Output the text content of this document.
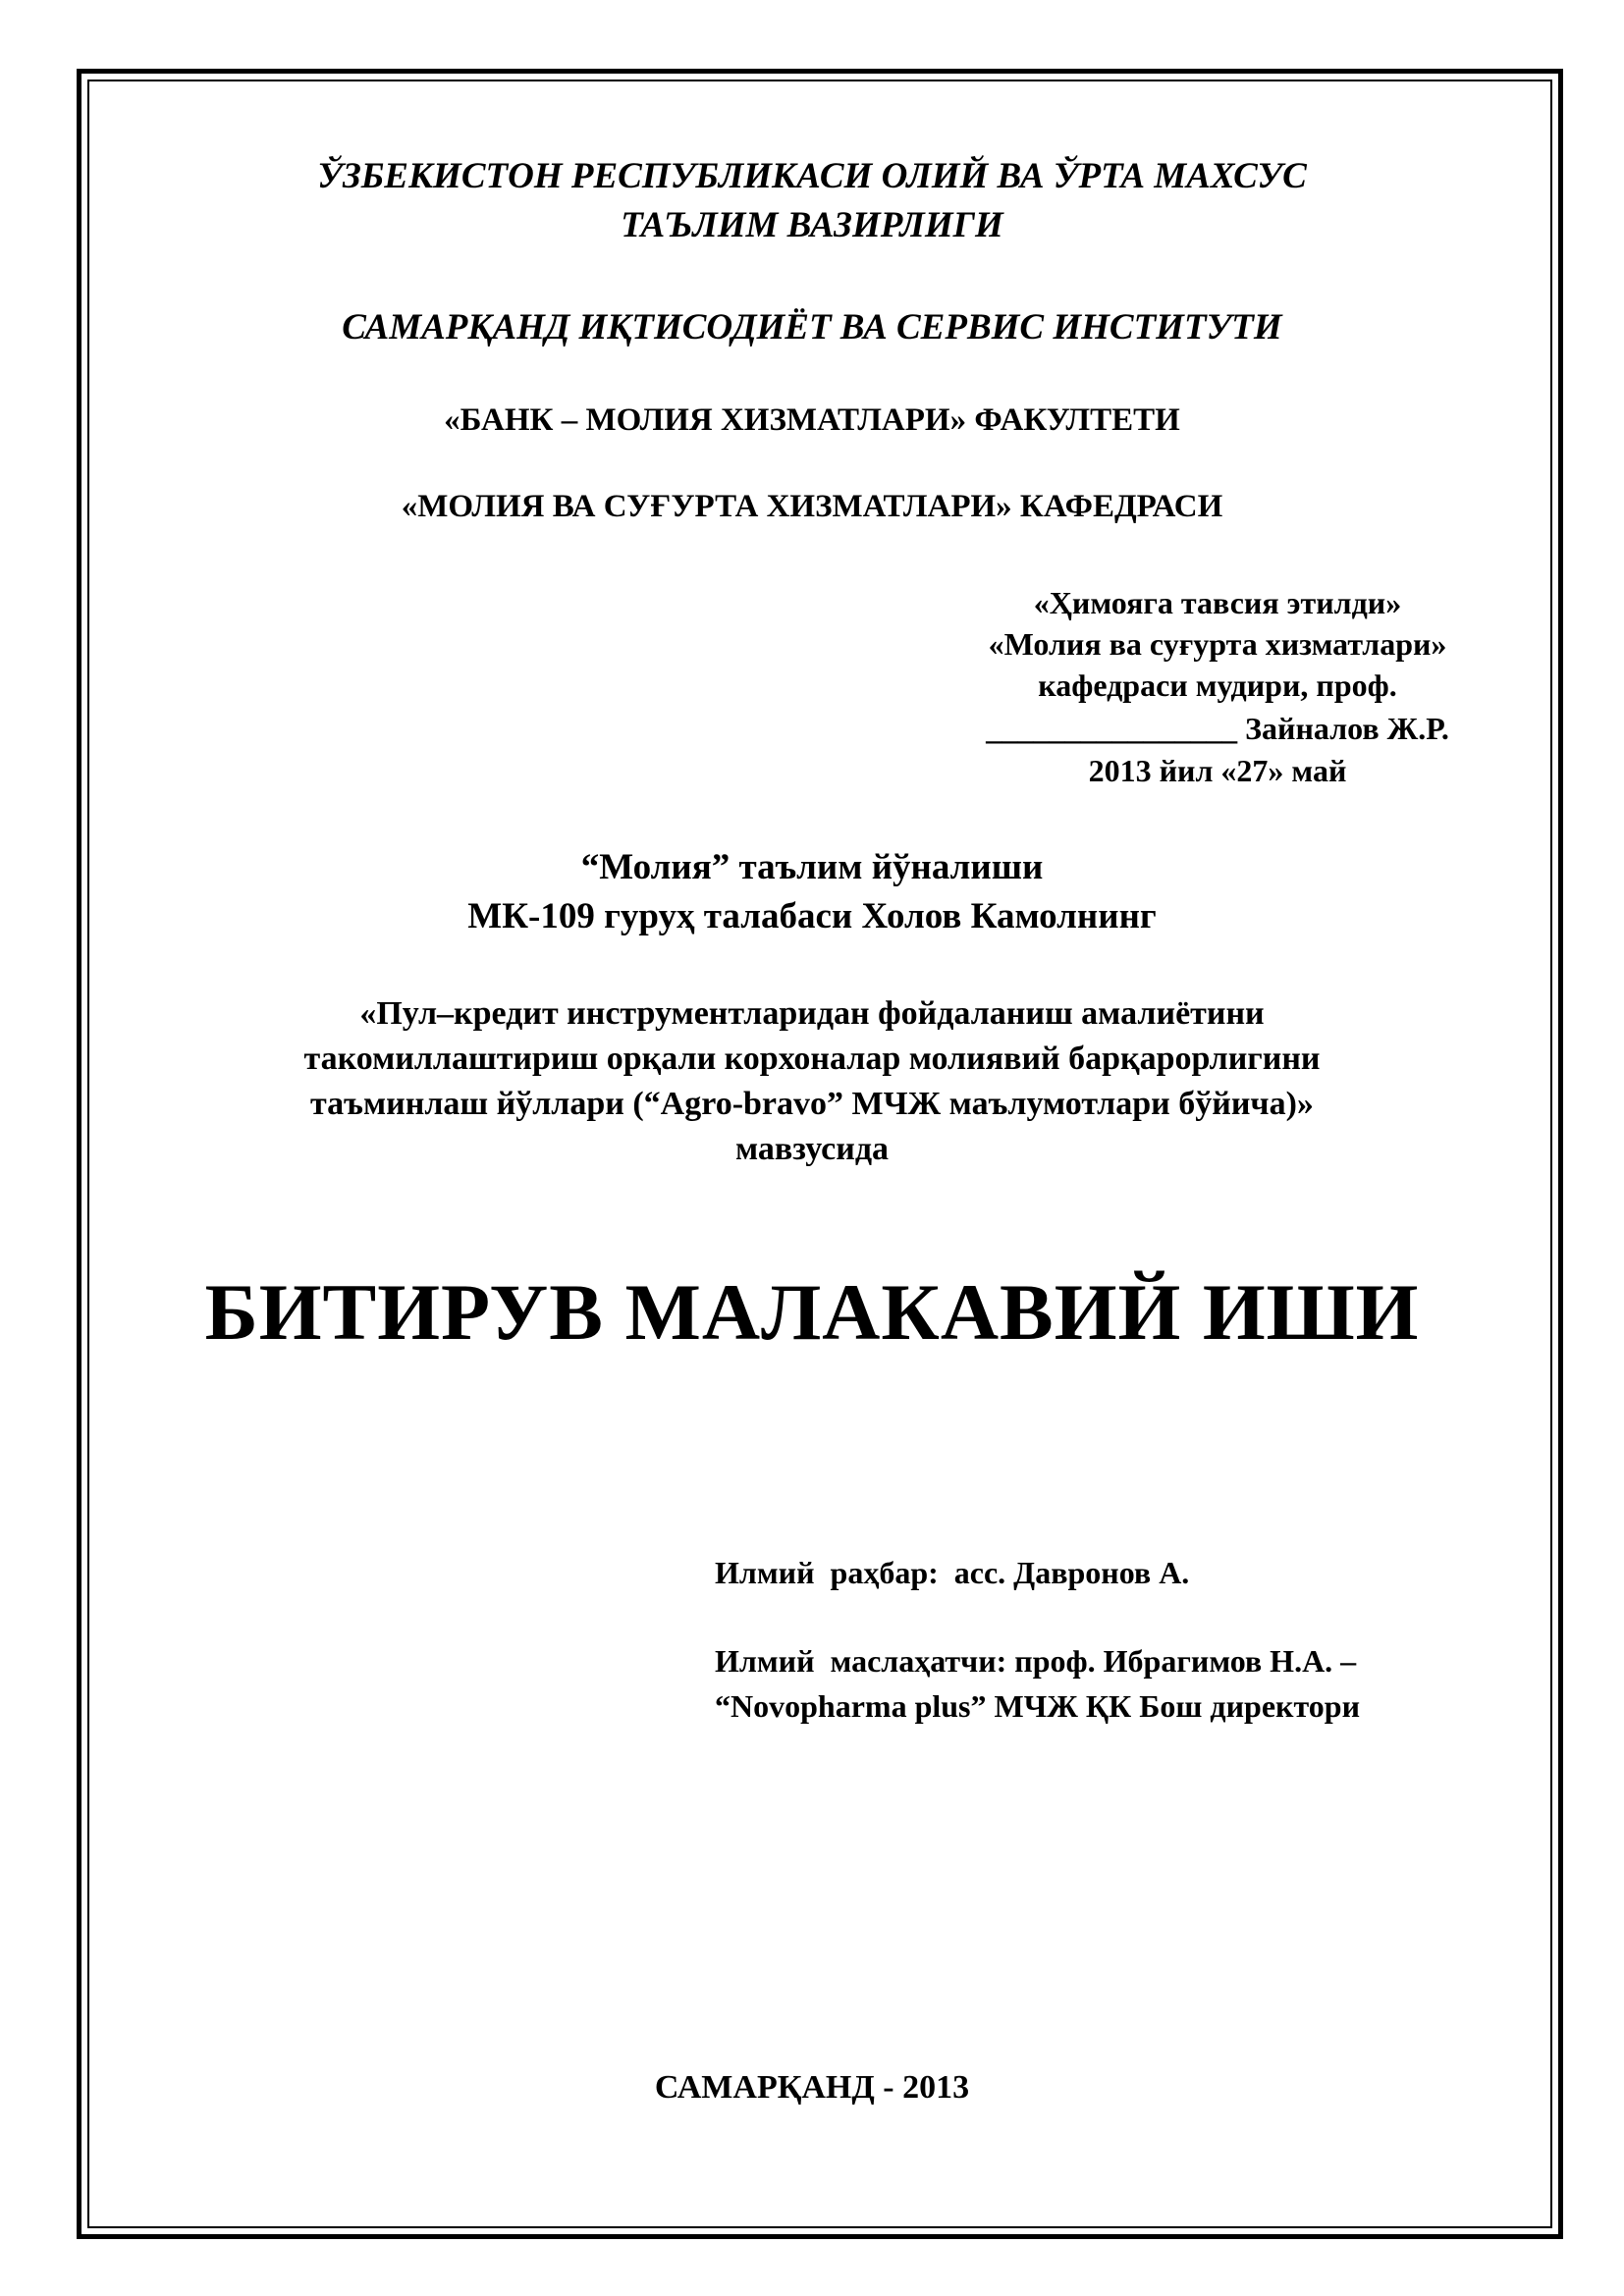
ЎЗБЕКИСТОН РЕСПУБЛИКАСИ ОЛИЙ ВА ЎРТА МАХСУС

ТАЪЛИМ ВАЗИРЛИГИ

САМАРҚАНД ИҚТИСОДИЁТ ВА СЕРВИС ИНСТИТУТИ

«БАНК – МОЛИЯ ХИЗМАТЛАРИ» ФАКУЛТЕТИ

«МОЛИЯ ВА СУҒУРТА ХИЗМАТЛАРИ» КАФЕДРАСИ

«Ҳимояга тавсия этилди»

«Молия ва суғурта хизматлари»

кафедраси мудири, проф.

________________ Зайналов Ж.Р.

2013 йил «27» май

“Молия” таълим йўналиши

МК-109 гуруҳ талабаси Холов Камолнинг

«Пул–кредит инструментларидан фойдаланиш амалиётини

такомиллаштириш орқали корхоналар молиявий барқарорлигини

таъминлаш йўллари (“Agro-bravo” МЧЖ маълумотлари бўйича)»

мавзусида

БИТИРУВ МАЛАКАВИЙ ИШИ

Илмий  раҳбар:  асс. Давронов А.

Илмий  маслаҳатчи: проф. Ибрагимов Н.А. –

“Novopharma plus” МЧЖ ҚК Бош директори

САМАРҚАНД - 2013
